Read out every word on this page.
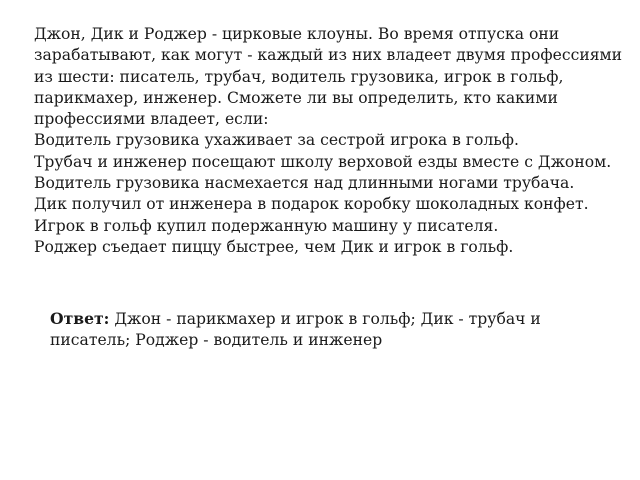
Джон, Дик и Роджер - цирковые клоуны. Во время отпуска они зарабатывают, как могут - каждый из них владеет двумя профессиями из шести: писатель, трубач, водитель грузовика, игрок в гольф, парикмахер, инженер. Сможете ли вы определить, кто какими профессиями владеет, если:

Водитель грузовика ухаживает за сестрой игрока в гольф.

Трубач и инженер посещают школу верховой езды вместе с Джоном.

Водитель грузовика насмехается над длинными ногами трубача.

Дик получил от инженера в подарок коробку шоколадных конфет.

Игрок в гольф купил подержанную машину у писателя.

Роджер съедает пиццу быстрее, чем Дик и игрок в гольф.

Ответ: Джон - парикмахер и игрок в гольф; Дик - трубач и писатель; Роджер - водитель и инженер
